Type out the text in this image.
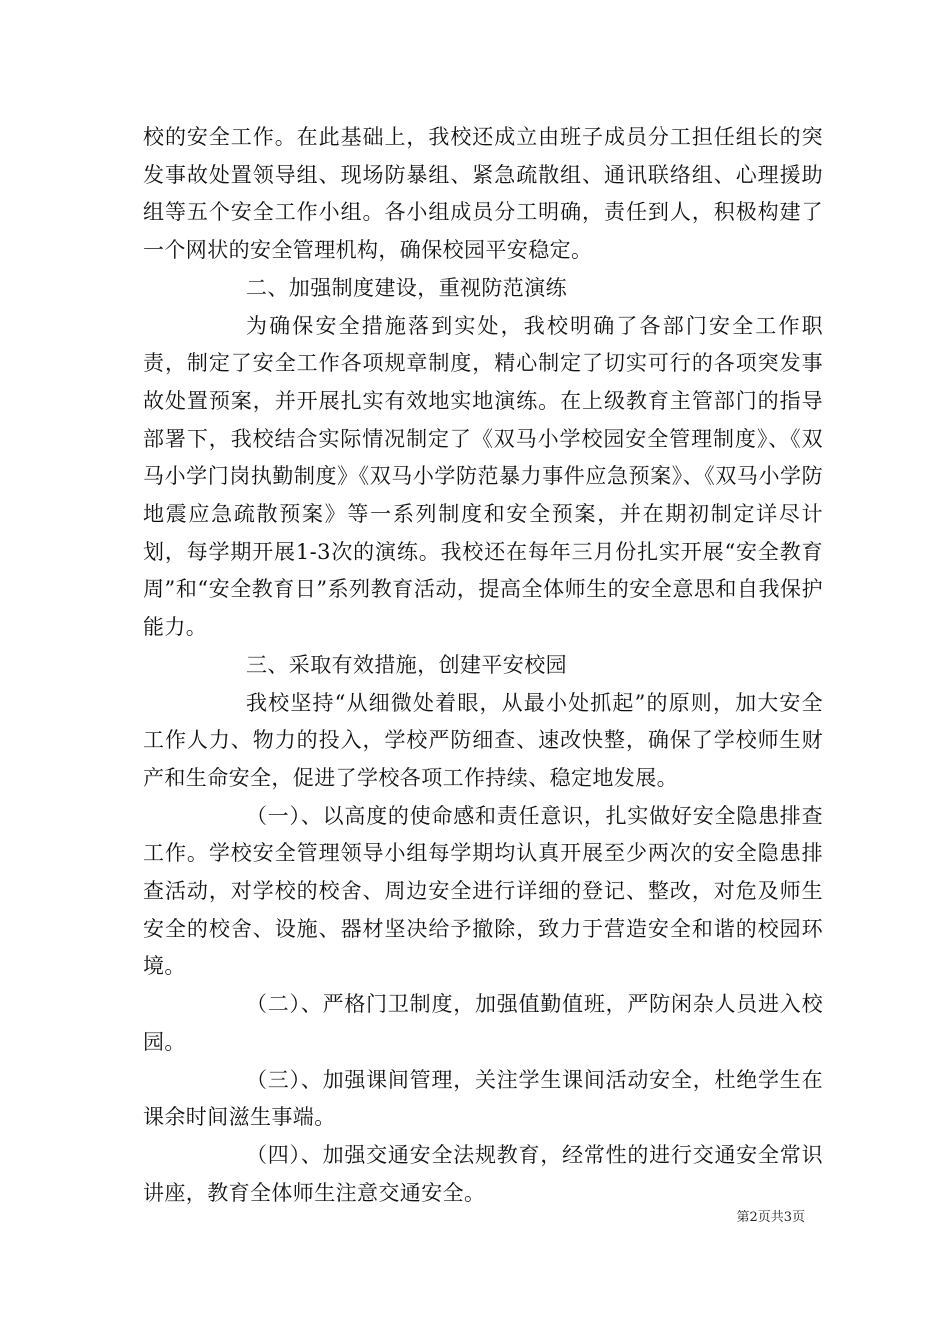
校的安全工作。在此基础上，我校还成立由班子成员分工担任组长的突发事故处置领导组、现场防暴组、紧急疏散组、通讯联络组、心理援助组等五个安全工作小组。各小组成员分工明确，责任到人，积极构建了一个网状的安全管理机构，确保校园平安稳定。

二、加强制度建设，重视防范演练

为确保安全措施落到实处，我校明确了各部门安全工作职责，制定了安全工作各项规章制度，精心制定了切实可行的各项突发事故处置预案，并开展扎实有效地实地演练。在上级教育主管部门的指导部署下，我校结合实际情况制定了《双马小学校园安全管理制度》、《双马小学门岗执勤制度》《双马小学防范暴力事件应急预案》、《双马小学防地震应急疏散预案》等一系列制度和安全预案，并在期初制定详尽计划，每学期开展1-3次的演练。我校还在每年三月份扎实开展“安全教育周”和“安全教育日”系列教育活动，提高全体师生的安全意思和自我保护能力。

三、采取有效措施，创建平安校园

我校坚持“从细微处着眼，从最小处抓起”的原则，加大安全工作人力、物力的投入，学校严防细查、速改快整，确保了学校师生财产和生命安全，促进了学校各项工作持续、稳定地发展。

（一）、以高度的使命感和责任意识，扎实做好安全隐患排查工作。学校安全管理领导小组每学期均认真开展至少两次的安全隐患排查活动，对学校的校舍、周边安全进行详细的登记、整改，对危及师生安全的校舍、设施、器材坚决给予撤除，致力于营造安全和谐的校园环境。

（二）、严格门卫制度，加强值勤值班，严防闲杂人员进入校园。

（三）、加强课间管理，关注学生课间活动安全，杜绝学生在课余时间滋生事端。

（四）、加强交通安全法规教育，经常性的进行交通安全常识讲座，教育全体师生注意交通安全。

第2页共3页
